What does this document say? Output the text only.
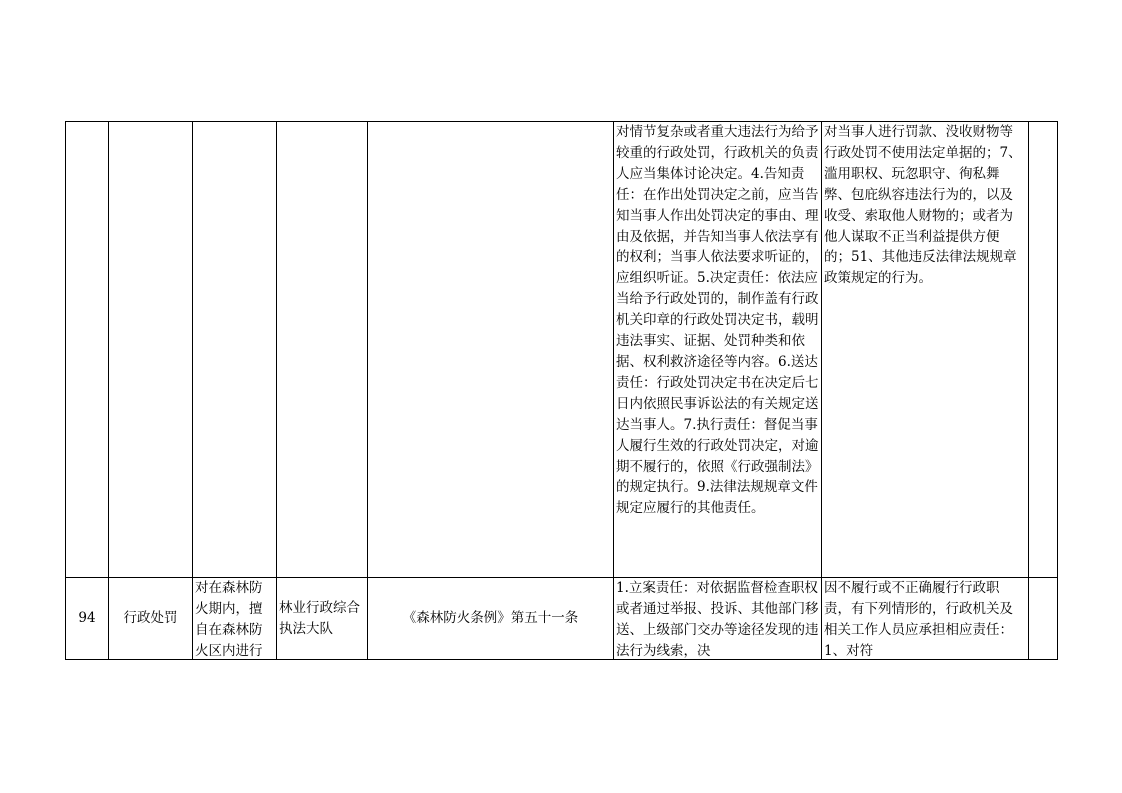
					对情节复杂或者重大违法行为给予较重的行政处罚，行政机关的负责人应当集体讨论决定。4.告知责任：在作出处罚决定之前，应当告知当事人作出处罚决定的事由、理由及依据，并告知当事人依法享有的权利；当事人依法要求听证的，应组织听证。5.决定责任：依法应当给予行政处罚的，制作盖有行政机关印章的行政处罚决定书，载明违法事实、证据、处罚种类和依据、权利救济途径等内容。6.送达责任：行政处罚决定书在决定后七日内依照民事诉讼法的有关规定送达当事人。7.执行责任：督促当事人履行生效的行政处罚决定，对逾期不履行的，依照《行政强制法》的规定执行。9.法律法规规章文件规定应履行的其他责任。	对当事人进行罚款、没收财物等行政处罚不使用法定单据的；7、滥用职权、玩忽职守、徇私舞弊、包庇纵容违法行为的，以及收受、索取他人财物的；或者为他人谋取不正当利益提供方便的；51、其他违反法律法规规章政策规定的行为。	
94	行政处罚	对在森林防火期内，擅自在森林防火区内进行	林业行政综合执法大队	《森林防火条例》第五十一条	1.立案责任：对依据监督检查职权或者通过举报、投诉、其他部门移送、上级部门交办等途径发现的违法行为线索，决	因不履行或不正确履行行政职责，有下列情形的，行政机关及相关工作人员应承担相应责任：1、对符	
